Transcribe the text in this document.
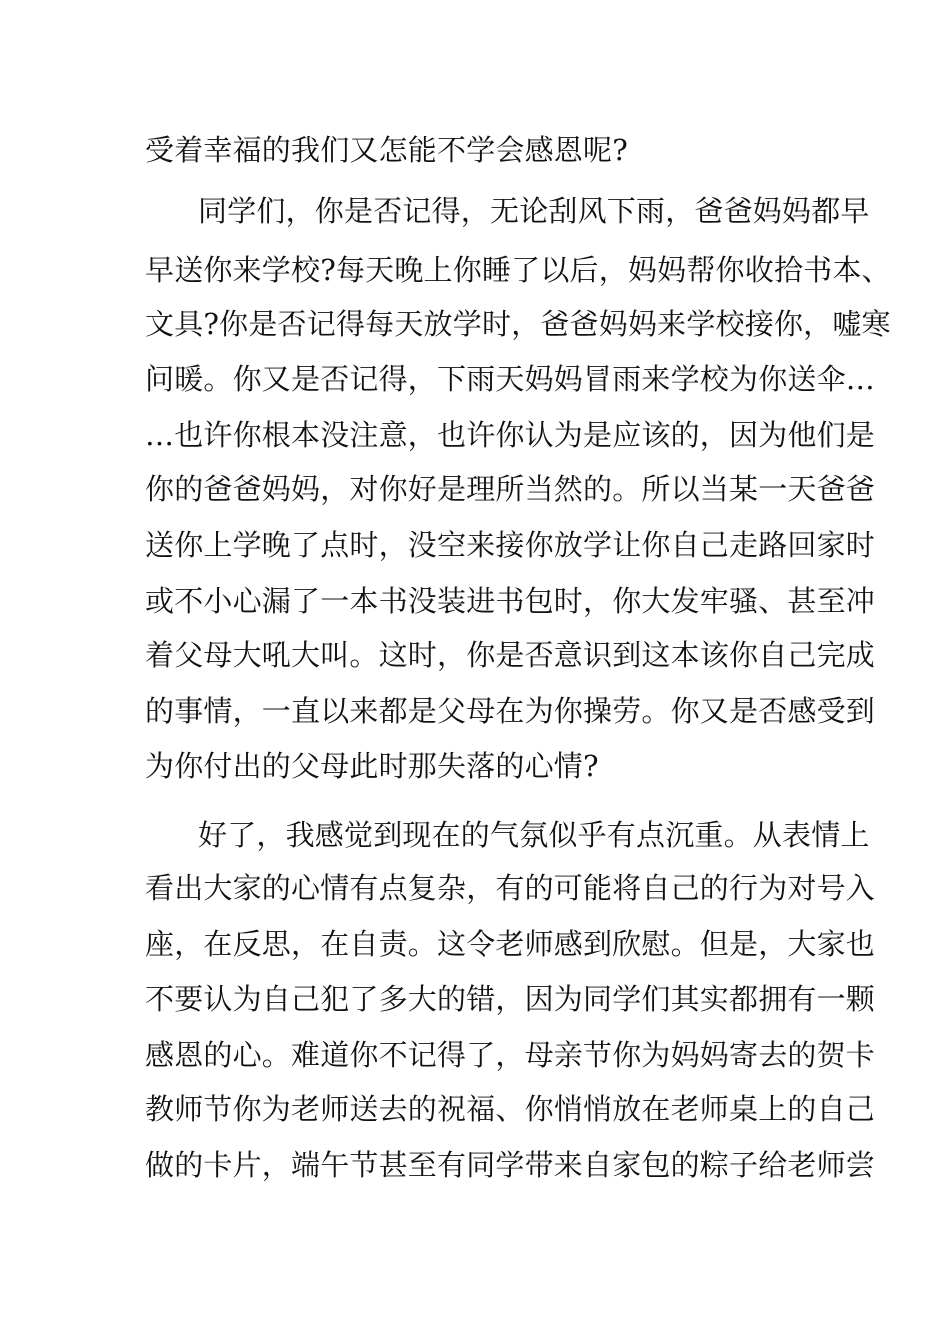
受着幸福的我们又怎能不学会感恩呢?
同学们，你是否记得，无论刮风下雨，爸爸妈妈都早
早送你来学校?每天晚上你睡了以后，妈妈帮你收拾书本、
文具?你是否记得每天放学时，爸爸妈妈来学校接你，嘘寒
问暖。你又是否记得，下雨天妈妈冒雨来学校为你送伞…
…也许你根本没注意，也许你认为是应该的，因为他们是
你的爸爸妈妈，对你好是理所当然的。所以当某一天爸爸
送你上学晚了点时，没空来接你放学让你自己走路回家时
或不小心漏了一本书没装进书包时，你大发牢骚、甚至冲
着父母大吼大叫。这时，你是否意识到这本该你自己完成
的事情，一直以来都是父母在为你操劳。你又是否感受到
为你付出的父母此时那失落的心情?
好了，我感觉到现在的气氛似乎有点沉重。从表情上
看出大家的心情有点复杂，有的可能将自己的行为对号入
座，在反思，在自责。这令老师感到欣慰。但是，大家也
不要认为自己犯了多大的错，因为同学们其实都拥有一颗
感恩的心。难道你不记得了，母亲节你为妈妈寄去的贺卡
教师节你为老师送去的祝福、你悄悄放在老师桌上的自己
做的卡片，端午节甚至有同学带来自家包的粽子给老师尝
